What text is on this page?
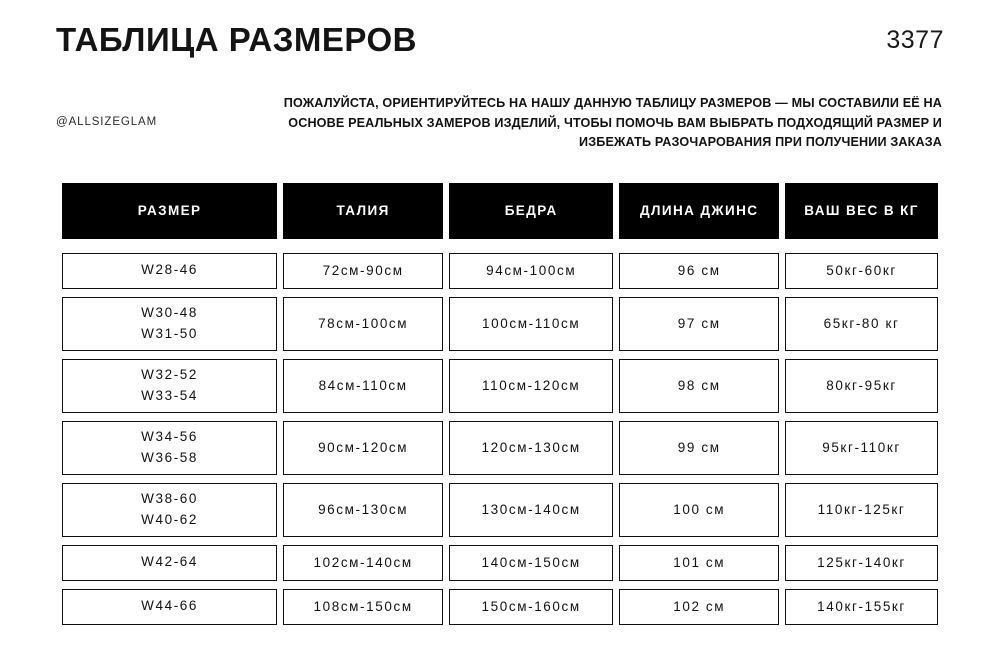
ТАБЛИЦА РАЗМЕРОВ	3377
@ALLSIZEGLAM
ПОЖАЛУЙСТА, ОРИЕНТИРУЙТЕСЬ НА НАШУ ДАННУЮ ТАБЛИЦУ РАЗМЕРОВ — МЫ СОСТАВИЛИ ЕЁ НА ОСНОВЕ РЕАЛЬНЫХ ЗАМЕРОВ ИЗДЕЛИЙ, ЧТОБЫ ПОМОЧЬ ВАМ ВЫБРАТЬ ПОДХОДЯЩИЙ РАЗМЕР И ИЗБЕЖАТЬ РАЗОЧАРОВАНИЯ ПРИ ПОЛУЧЕНИИ ЗАКАЗА
РАЗМЕР	ТАЛИЯ	БЕДРА	ДЛИНА ДЖИНС	ВАШ ВЕС В КГ

W28-46	72см-90см	94см-100см	96 см	50кг-60кг

W30-48
W31-50	78см-100см	100см-110см	97 см	65кг-80 кг

W32-52
W33-54	84см-110см	110см-120см	98 см	80кг-95кг

W34-56
W36-58	90см-120см	120см-130см	99 см	95кг-110кг

W38-60
W40-62	96см-130см	130см-140см	100 см	110кг-125кг

W42-64	102см-140см	140см-150см	101 см	125кг-140кг

W44-66	108см-150см	150см-160см	102 см	140кг-155кг
